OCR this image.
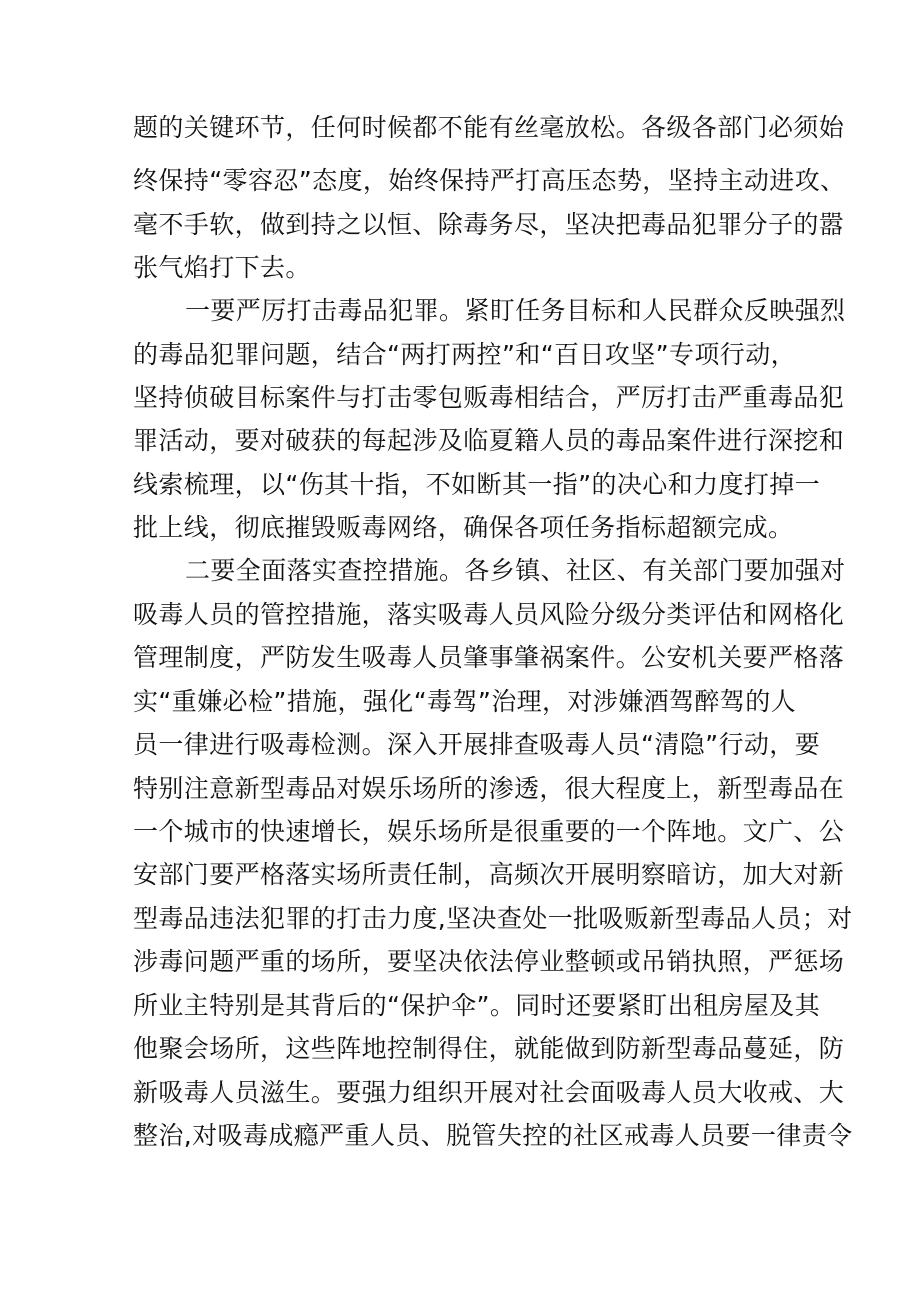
题的关键环节，任何时候都不能有丝毫放松。各级各部门必须始
终保持“零容忍”态度，始终保持严打高压态势，坚持主动进攻、
毫不手软，做到持之以恒、除毒务尽，坚决把毒品犯罪分子的嚣
张气焰打下去。
一要严厉打击毒品犯罪。紧盯任务目标和人民群众反映强烈
的毒品犯罪问题，结合“两打两控”和“百日攻坚”专项行动，
坚持侦破目标案件与打击零包贩毒相结合，严厉打击严重毒品犯
罪活动，要对破获的每起涉及临夏籍人员的毒品案件进行深挖和
线索梳理，以“伤其十指，不如断其一指”的决心和力度打掉一
批上线，彻底摧毁贩毒网络，确保各项任务指标超额完成。
二要全面落实查控措施。各乡镇、社区、有关部门要加强对
吸毒人员的管控措施，落实吸毒人员风险分级分类评估和网格化
管理制度，严防发生吸毒人员肇事肇祸案件。公安机关要严格落
实“重嫌必检”措施，强化“毒驾”治理，对涉嫌酒驾醉驾的人
员一律进行吸毒检测。深入开展排查吸毒人员“清隐”行动，要
特别注意新型毒品对娱乐场所的渗透，很大程度上，新型毒品在
一个城市的快速增长，娱乐场所是很重要的一个阵地。文广、公
安部门要严格落实场所责任制，高频次开展明察暗访，加大对新
型毒品违法犯罪的打击力度,坚决查处一批吸贩新型毒品人员；对
涉毒问题严重的场所，要坚决依法停业整顿或吊销执照，严惩场
所业主特别是其背后的“保护伞”。同时还要紧盯出租房屋及其
他聚会场所，这些阵地控制得住，就能做到防新型毒品蔓延，防
新吸毒人员滋生。要强力组织开展对社会面吸毒人员大收戒、大
整治,对吸毒成瘾严重人员、脱管失控的社区戒毒人员要一律责令
